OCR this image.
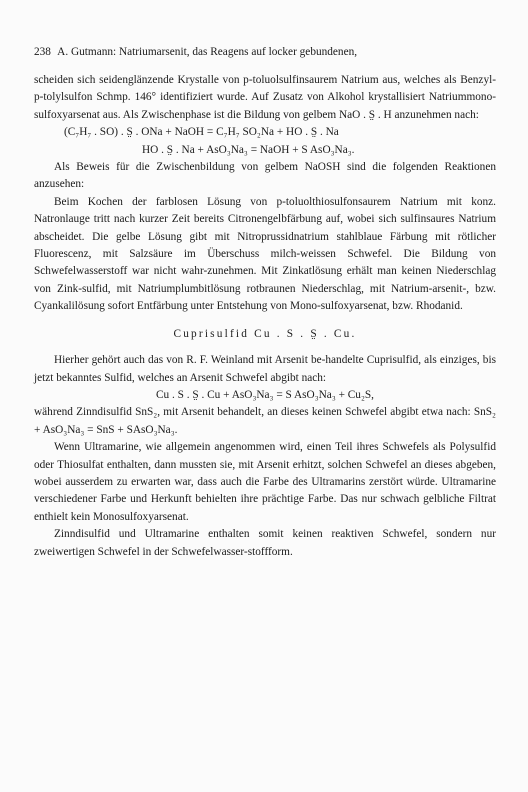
238 A. Gutmann: Natriumarsenit, das Reagens auf locker gebundenen,

scheiden sich seidenglänzende Krystalle von p-toluolsulfinsaurem Natrium aus, welches als Benzyl-p-tolylsulfon Schmp. 146° identifiziert wurde. Auf Zusatz von Alkohol krystallisiert Natriummono-sulfoxyarsenat aus. Als Zwischenphase ist die Bildung von gelbem NaO . S̤ . H anzunehmen nach:

(C₇H₇ . SO) . S̤ . ONa + NaOH = C₇H₇ SO₂Na + HO . S̤ . Na

HO . S̤ . Na + AsO₃Na₃ = NaOH + S AsO₃Na₃.

Als Beweis für die Zwischenbildung von gelbem NaOSH sind die folgenden Reaktionen anzusehen:

Beim Kochen der farblosen Lösung von p-toluolthiosulfonsaurem Natrium mit konz. Natronlauge tritt nach kurzer Zeit bereits Citronengelbfärbung auf, wobei sich sulfinsaures Natrium abscheidet. Die gelbe Lösung gibt mit Nitroprussidnatrium stahlblaue Färbung mit rötlicher Fluorescenz, mit Salzsäure im Überschuss milch-weissen Schwefel. Die Bildung von Schwefelwasserstoff war nicht wahr-zunehmen. Mit Zinkatlösung erhält man keinen Niederschlag von Zink-sulfid, mit Natriumplumbitlösung rotbraunen Niederschlag, mit Natrium-arsenit-, bzw. Cyankalilösung sofort Entfärbung unter Entstehung von Mono-sulfoxyarsenat, bzw. Rhodanid.

Cuprisulfid Cu . S . S̤ . Cu.

Hierher gehört auch das von R. F. Weinland mit Arsenit be-handelte Cuprisulfid, als einziges, bis jetzt bekanntes Sulfid, welches an Arsenit Schwefel abgibt nach:

Cu . S . S̤ . Cu + AsO₃Na₃ = S AsO₃Na₃ + Cu₂S,

während Zinndisulfid SnS₂, mit Arsenit behandelt, an dieses keinen Schwefel abgibt etwa nach: SnS₂ + AsO₃Na₃ = SnS + SAsO₃Na₃.

Wenn Ultramarine, wie allgemein angenommen wird, einen Teil ihres Schwefels als Polysulfid oder Thiosulfat enthalten, dann mussten sie, mit Arsenit erhitzt, solchen Schwefel an dieses abgeben, wobei ausserdem zu erwarten war, dass auch die Farbe des Ultramarins zerstört würde. Ultramarine verschiedener Farbe und Herkunft behielten ihre prächtige Farbe. Das nur schwach gelbliche Filtrat enthielt kein Monosulfoxyarsenat.

Zinndisulfid und Ultramarine enthalten somit keinen reaktiven Schwefel, sondern nur zweiwertigen Schwefel in der Schwefelwasser-stoffform.
